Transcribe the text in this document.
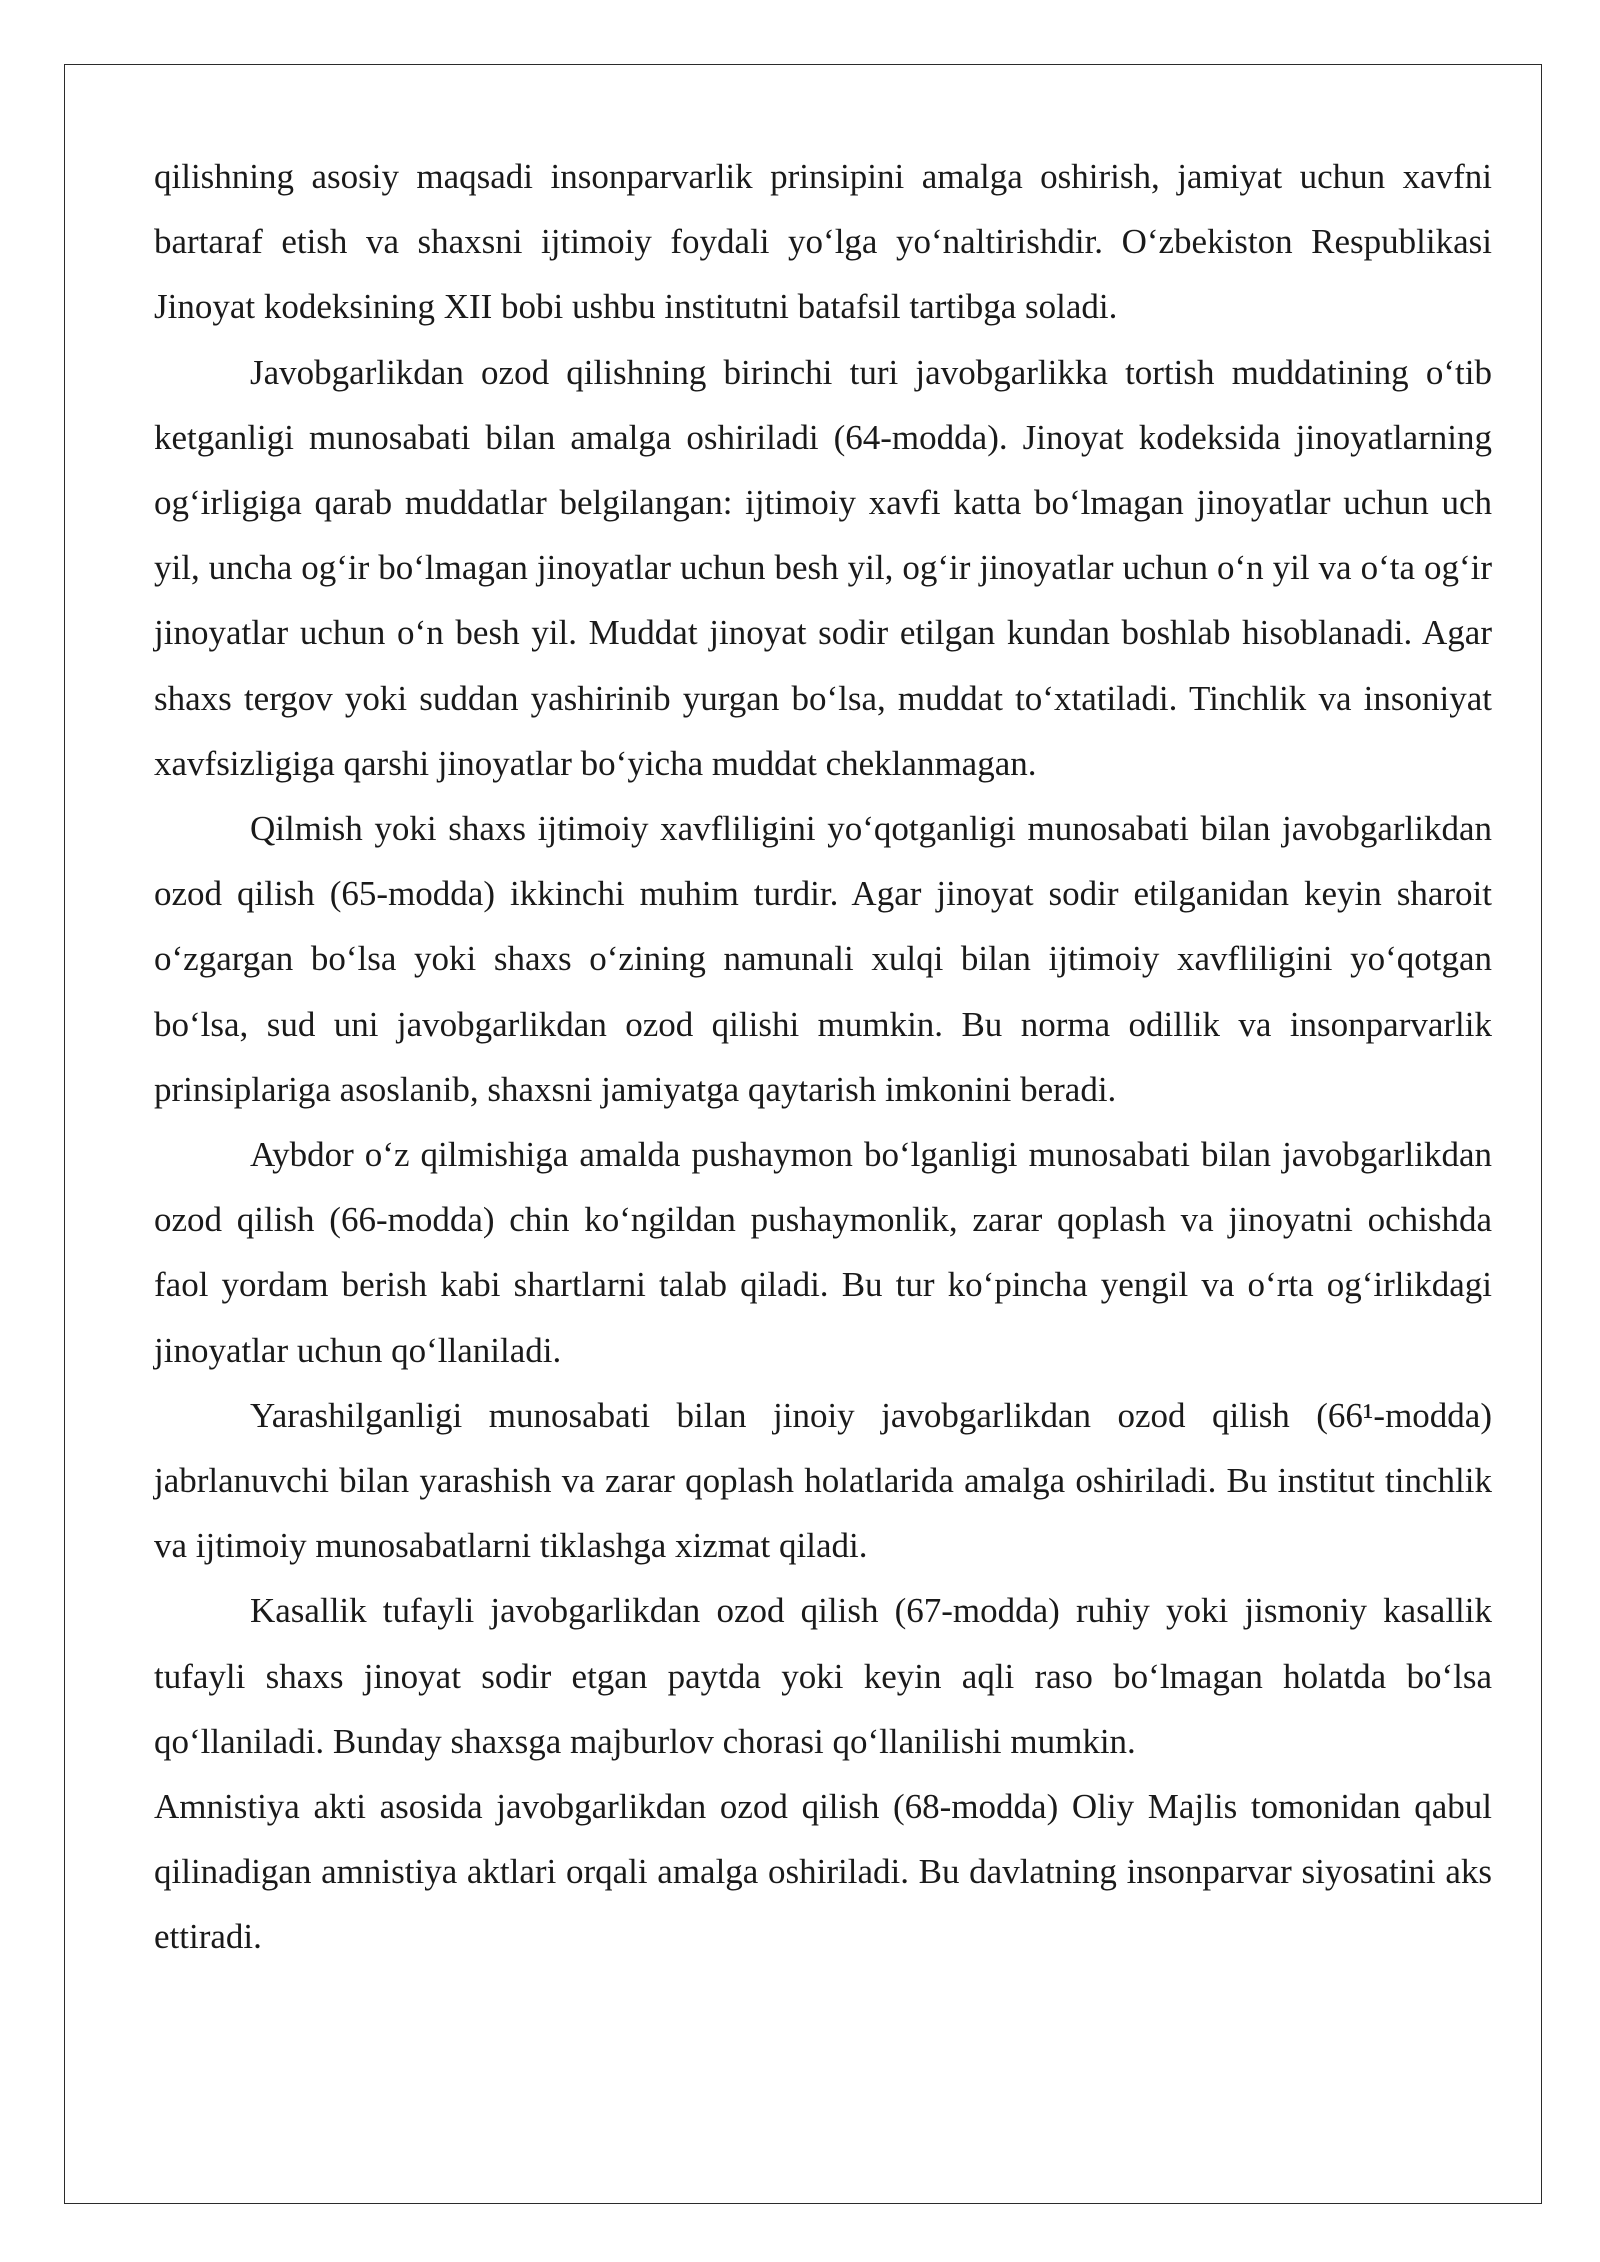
qilishning asosiy maqsadi insonparvarlik prinsipini amalga oshirish, jamiyat uchun xavfni bartaraf etish va shaxsni ijtimoiy foydali yo‘lga yo‘naltirishdir. O‘zbekiston Respublikasi Jinoyat kodeksining XII bobi ushbu institutni batafsil tartibga soladi.

Javobgarlikdan ozod qilishning birinchi turi javobgarlikka tortish muddatining o‘tib ketganligi munosabati bilan amalga oshiriladi (64-modda). Jinoyat kodeksida jinoyatlarning og‘irligiga qarab muddatlar belgilangan: ijtimoiy xavfi katta bo‘lmagan jinoyatlar uchun uch yil, uncha og‘ir bo‘lmagan jinoyatlar uchun besh yil, og‘ir jinoyatlar uchun o‘n yil va o‘ta og‘ir jinoyatlar uchun o‘n besh yil. Muddat jinoyat sodir etilgan kundan boshlab hisoblanadi. Agar shaxs tergov yoki suddan yashirinib yurgan bo‘lsa, muddat to‘xtatiladi. Tinchlik va insoniyat xavfsizligiga qarshi jinoyatlar bo‘yicha muddat cheklanmagan.

Qilmish yoki shaxs ijtimoiy xavfliligini yo‘qotganligi munosabati bilan javobgarlikdan ozod qilish (65-modda) ikkinchi muhim turdir. Agar jinoyat sodir etilganidan keyin sharoit o‘zgargan bo‘lsa yoki shaxs o‘zining namunali xulqi bilan ijtimoiy xavfliligini yo‘qotgan bo‘lsa, sud uni javobgarlikdan ozod qilishi mumkin. Bu norma odillik va insonparvarlik prinsiplariga asoslanib, shaxsni jamiyatga qaytarish imkonini beradi.

Aybdor o‘z qilmishiga amalda pushaymon bo‘lganligi munosabati bilan javobgarlikdan ozod qilish (66-modda) chin ko‘ngildan pushaymonlik, zarar qoplash va jinoyatni ochishda faol yordam berish kabi shartlarni talab qiladi. Bu tur ko‘pincha yengil va o‘rta og‘irlikdagi jinoyatlar uchun qo‘llaniladi.

Yarashilganligi munosabati bilan jinoiy javobgarlikdan ozod qilish (66¹-modda) jabrlanuvchi bilan yarashish va zarar qoplash holatlarida amalga oshiriladi. Bu institut tinchlik va ijtimoiy munosabatlarni tiklashga xizmat qiladi.

Kasallik tufayli javobgarlikdan ozod qilish (67-modda) ruhiy yoki jismoniy kasallik tufayli shaxs jinoyat sodir etgan paytda yoki keyin aqli raso bo‘lmagan holatda bo‘lsa qo‘llaniladi. Bunday shaxsga majburlov chorasi qo‘llanilishi mumkin.

Amnistiya akti asosida javobgarlikdan ozod qilish (68-modda) Oliy Majlis tomonidan qabul qilinadigan amnistiya aktlari orqali amalga oshiriladi. Bu davlatning insonparvar siyosatini aks ettiradi.
